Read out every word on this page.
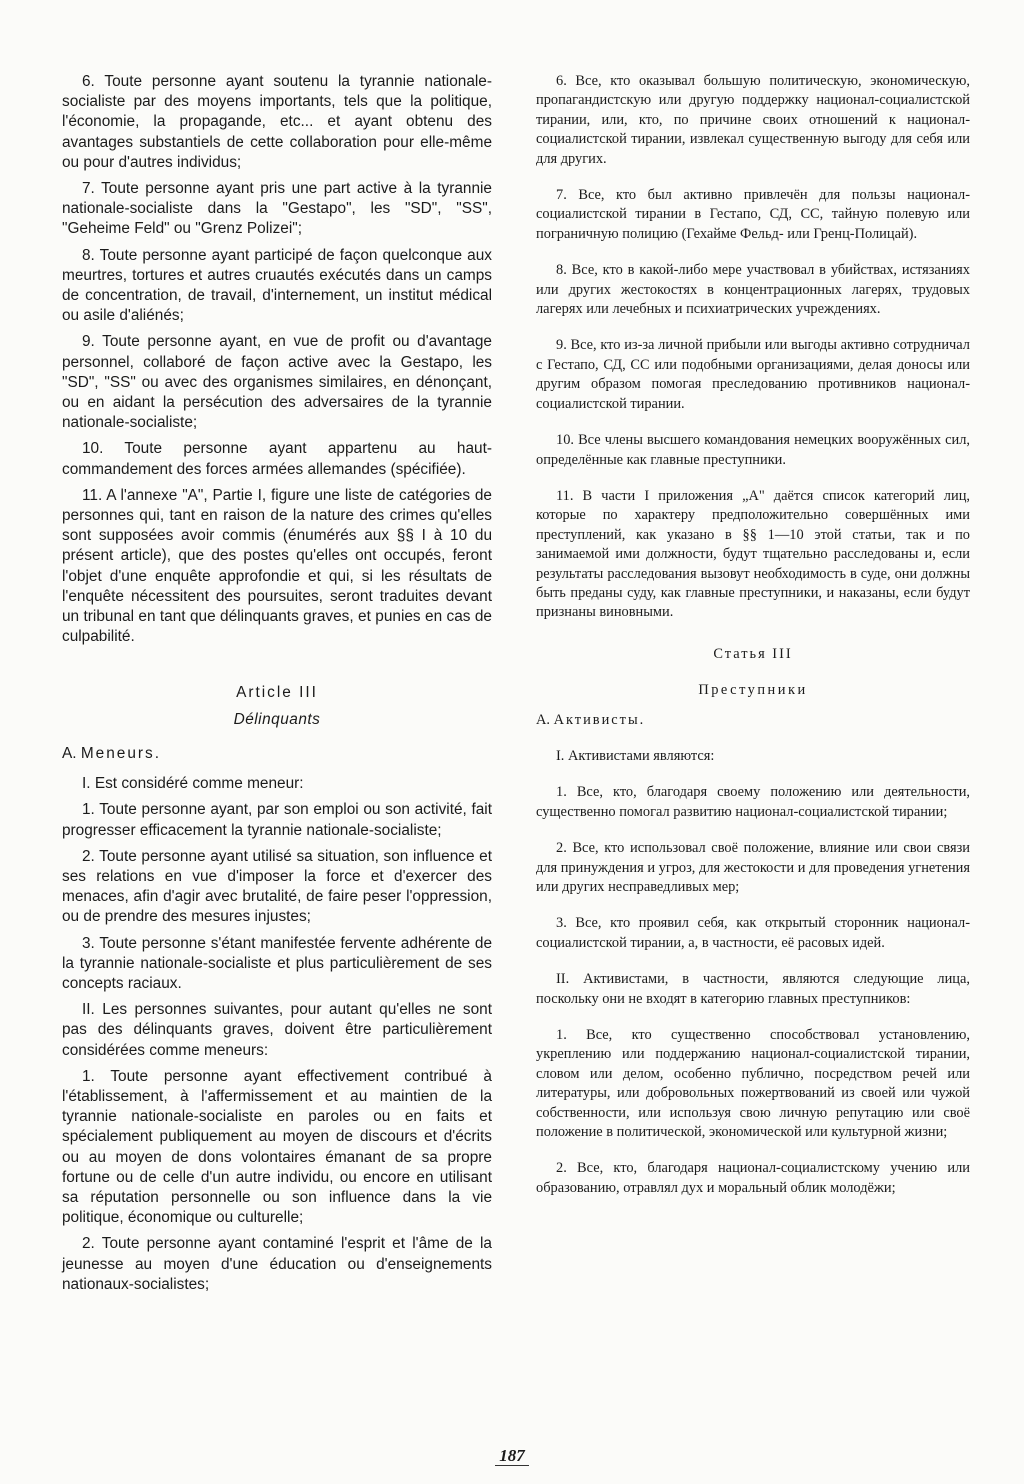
6. Toute personne ayant soutenu la tyrannie nationale-socialiste par des moyens importants, tels que la politique, l'économie, la propagande, etc... et ayant obtenu des avantages substantiels de cette collaboration pour elle-même ou pour d'autres individus;

7. Toute personne ayant pris une part active à la tyrannie nationale-socialiste dans la "Gestapo", les "SD", "SS", "Geheime Feld" ou "Grenz Polizei";

8. Toute personne ayant participé de façon quelconque aux meurtres, tortures et autres cruautés exécutés dans un camps de concentration, de travail, d'internement, un institut médical ou asile d'aliénés;

9. Toute personne ayant, en vue de profit ou d'avantage personnel, collaboré de façon active avec la Gestapo, les "SD", "SS" ou avec des organismes similaires, en dénonçant, ou en aidant la persécution des adversaires de la tyrannie nationale-socialiste;

10. Toute personne ayant appartenu au haut-commandement des forces armées allemandes (spécifiée).

11. A l'annexe "A", Partie I, figure une liste de catégories de personnes qui, tant en raison de la nature des crimes qu'elles sont supposées avoir commis (énumérés aux §§ I à 10 du présent article), que des postes qu'elles ont occupés, feront l'objet d'une enquête approfondie et qui, si les résultats de l'enquête nécessitent des poursuites, seront traduites devant un tribunal en tant que délinquants graves, et punies en cas de culpabilité.

Article III

Délinquants

A. Meneurs.

I. Est considéré comme meneur:

1. Toute personne ayant, par son emploi ou son activité, fait progresser efficacement la tyrannie nationale-socialiste;

2. Toute personne ayant utilisé sa situation, son influence et ses relations en vue d'imposer la force et d'exercer des menaces, afin d'agir avec brutalité, de faire peser l'oppression, ou de prendre des mesures injustes;

3. Toute personne s'étant manifestée fervente adhérente de la tyrannie nationale-socialiste et plus particulièrement de ses concepts raciaux.

II. Les personnes suivantes, pour autant qu'elles ne sont pas des délinquants graves, doivent être particulièrement considérées comme meneurs:

1. Toute personne ayant effectivement contribué à l'établissement, à l'affermissement et au maintien de la tyrannie nationale-socialiste en paroles ou en faits et spécialement publiquement au moyen de discours et d'écrits ou au moyen de dons volontaires émanant de sa propre fortune ou de celle d'un autre individu, ou encore en utilisant sa réputation personnelle ou son influence dans la vie politique, économique ou culturelle;

2. Toute personne ayant contaminé l'esprit et l'âme de la jeunesse au moyen d'une éducation ou d'enseignements nationaux-socialistes;

6. Все, кто оказывал большую политическую, экономическую, пропагандистскую или другую поддержку национал-социалистской тирании, или, кто, по причине своих отношений к национал-социалистской тирании, извлекал существенную выгоду для себя или для других.

7. Все, кто был активно привлечён для пользы национал-социалистской тирании в Гестапо, СД, СС, тайную полевую или пограничную полицию (Гехайме Фельд- или Гренц-Полицай).

8. Все, кто в какой-либо мере участвовал в убийствах, истязаниях или других жестокостях в концентрационных лагерях, трудовых лагерях или лечебных и психиатрических учреждениях.

9. Все, кто из-за личной прибыли или выгоды активно сотрудничал с Гестапо, СД, СС или подобными организациями, делая доносы или другим образом помогая преследованию противников национал-социалистской тирании.

10. Все члены высшего командования немецких вооружённых сил, определённые как главные преступники.

11. В части I приложения „А" даётся список категорий лиц, которые по характеру предположительно совершённых ими преступлений, как указано в §§ 1—10 этой статьи, так и по занимаемой ими должности, будут тщательно расследованы и, если результаты расследования вызовут необходимость в суде, они должны быть преданы суду, как главные преступники, и наказаны, если будут признаны виновными.

Статья III

Преступники

А. Активисты.

I. Активистами являются:

1. Все, кто, благодаря своему положению или деятельности, существенно помогал развитию национал-социалистской тирании;

2. Все, кто использовал своё положение, влияние или свои связи для принуждения и угроз, для жестокости и для проведения угнетения или других несправедливых мер;

3. Все, кто проявил себя, как открытый сторонник национал-социалистской тирании, а, в частности, её расовых идей.

II. Активистами, в частности, являются следующие лица, поскольку они не входят в категорию главных преступников:

1. Все, кто существенно способствовал установлению, укреплению или поддержанию национал-социалистской тирании, словом или делом, особенно публично, посредством речей или литературы, или добровольных пожертвований из своей или чужой собственности, или используя свою личную репутацию или своё положение в политической, экономической или культурной жизни;

2. Все, кто, благодаря национал-социалистскому учению или образованию, отравлял дух и моральный облик молодёжи;

187
